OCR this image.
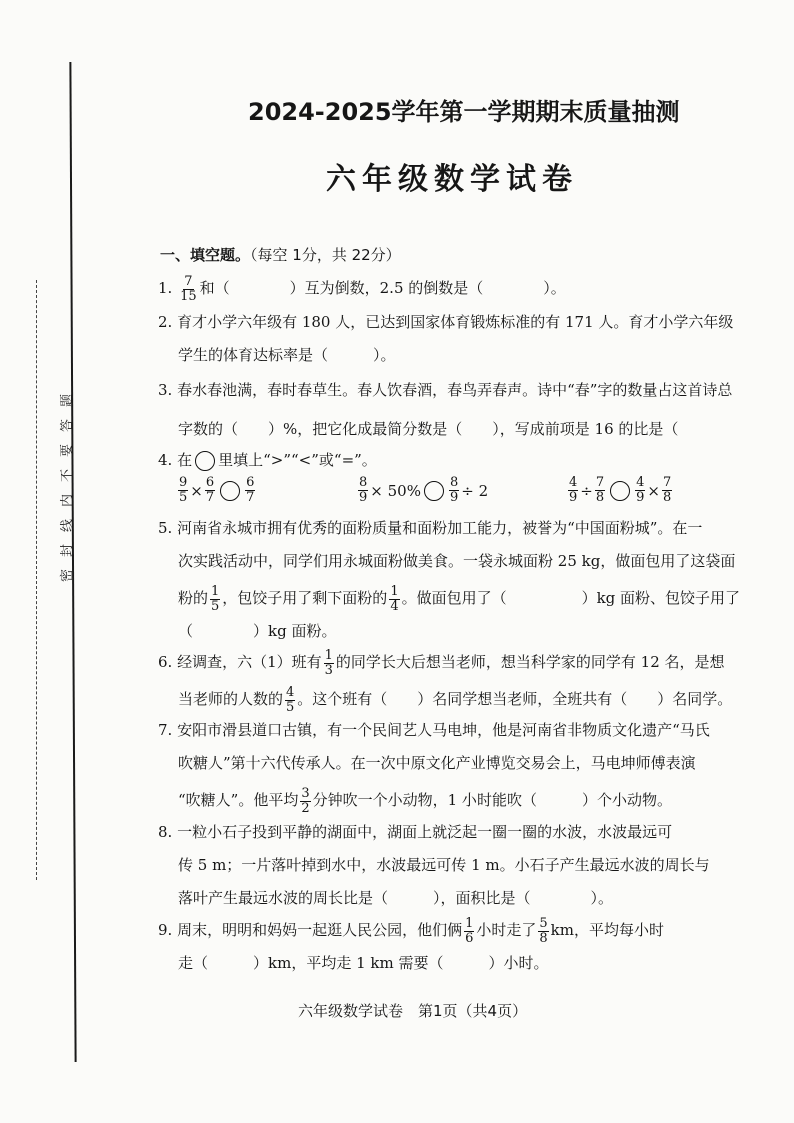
题
答
要
不
内
线
封
密
2024-2025学年第一学期期末质量抽测
六年级数学试卷
一、填空题。（每空 1分，共 22分）
1. $\frac{7}{15}$ 和（　　　　）互为倒数，2.5 的倒数是（　　　　）。
2. 育才小学六年级有 180 人，已达到国家体育锻炼标准的有 171 人。育才小学六年级
学生的体育达标率是（　　　）。
3. 春水春池满，春时春草生。春人饮春酒，春鸟弄春声。诗中“春”字的数量占这首诗总
字数的（　　）%，把它化成最简分数是（　　），写成前项是 16 的比是（
4. 在 里填上“>”“<”或“=”。
$\frac{9}{5} \times \frac{6}{7} \frac{6}{7}$	$\frac{8}{9} \times 50\% \frac{8}{9} \div 2$	$\frac{4}{9} \div \frac{7}{8} \frac{4}{9} \times \frac{7}{8}$
5. 河南省永城市拥有优秀的面粉质量和面粉加工能力，被誉为“中国面粉城”。在一
次实践活动中，同学们用永城面粉做美食。一袋永城面粉 25 kg，做面包用了这袋面
粉的 $\frac{1}{5}$ ，包饺子用了剩下面粉的 $\frac{1}{4}$ 。做面包用了（　　　　　）kg 面粉、包饺子用了
（　　　　）kg 面粉。
6. 经调查，六（1）班有 $\frac{1}{3}$ 的同学长大后想当老师，想当科学家的同学有 12 名，是想
当老师的人数的 $\frac{4}{5}$ 。这个班有（　　）名同学想当老师，全班共有（　　）名同学。
7. 安阳市滑县道口古镇，有一个民间艺人马电坤，他是河南省非物质文化遗产“马氏
吹糖人”第十六代传承人。在一次中原文化产业博览交易会上，马电坤师傅表演
“吹糖人”。他平均 $\frac{3}{2}$ 分钟吹一个小动物，1 小时能吹（　　　）个小动物。
8. 一粒小石子投到平静的湖面中，湖面上就泛起一圈一圈的水波，水波最远可
传 5 m；一片落叶掉到水中，水波最远可传 1 m。小石子产生最远水波的周长与
落叶产生最远水波的周长比是（　　　），面积比是（　　　　）。
9. 周末，明明和妈妈一起逛人民公园，他们俩 $\frac{1}{6}$ 小时走了 $\frac{5}{8}$ km，平均每小时
走（　　　）km，平均走 1 km 需要（　　　）小时。
六年级数学试卷　第1页（共4页）
